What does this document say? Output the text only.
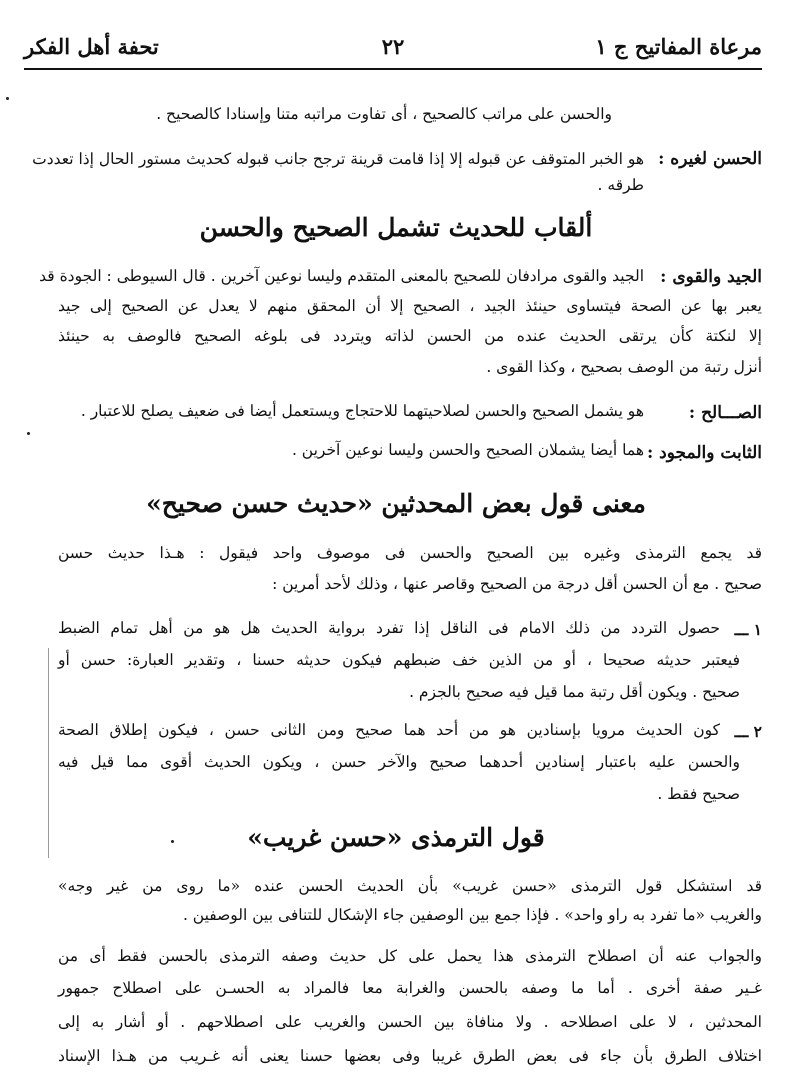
مرعاة المفاتيح ج ١
٢٢
تحفة أهل الفكر
والحسن على مراتب كالصحيح ، أى تفاوت مراتبه متنا وإسنادا كالصحيح .
الحسن لغيره :
هو الخبر المتوقف عن قبوله إلا إذا قامت قرينة ترجح جانب قبوله كحديث مستور الحال إذا تعددت
طرقه .
ألقاب للحديث تشمل الصحيح والحسن
الجيد والقوى :
الجيد والقوى مرادفان للصحيح بالمعنى المتقدم وليسا نوعين آخرين . قال السيوطى : الجودة قد
يعبر بها عن الصحة فيتساوى حينئذ الجيد ، الصحيح إلا أن المحقق منهم لا يعدل عن الصحيح إلى جيد
إلا لنكتة كأن يرتقى الحديث عنده من الحسن لذاته ويتردد فى بلوغه الصحيح فالوصف به حينئذ
أنزل رتبة من الوصف بصحيح ، وكذا القوى .
الصـــالح :
هو يشمل الصحيح والحسن لصلاحيتهما للاحتجاج ويستعمل أيضا فى ضعيف يصلح للاعتبار .
الثابت والمجود :
هما أيضا يشملان الصحيح والحسن وليسا نوعين آخرين .
معنى قول بعض المحدثين «حديث حسن صحيح»
قد يجمع الترمذى وغيره بين الصحيح والحسن فى موصوف واحد فيقول : هـذا حديث حسن
صحيح . مع أن الحسن أقل درجة من الصحيح وقاصر عنها ، وذلك لأحد أمرين :
١ ـــ
حصول التردد من ذلك الامام فى الناقل إذا تفرد برواية الحديث هل هو من أهل تمام الضبط
فيعتبر حديثه صحيحا ، أو من الذين خف ضبطهم فيكون حديثه حسنا ، وتقدير العبارة: حسن أو
صحيح . ويكون أقل رتبة مما قيل فيه صحيح بالجزم .
٢ ـــ
كون الحديث مرويا بإسنادين هو من أحد هما صحيح ومن الثانى حسن ، فيكون إطلاق الصحة
والحسن عليه باعتبار إسنادين أحدهما صحيح والآخر حسن ، ويكون الحديث أقوى مما قيل فيه
صحيح فقط .
قول الترمذى «حسن غريب»
قد استشكل قول الترمذى «حسن غريب» بأن الحديث الحسن عنده «ما روى من غير وجه»
والغريب «ما تفرد به راو واحد» . فإذا جمع بين الوصفين جاء الإشكال للتنافى بين الوصفين .
والجواب عنه أن اصطلاح الترمذى هذا يحمل على كل حديث وصفه الترمذى بالحسن فقط أى من
غـير صفة أخرى . أما ما وصفه بالحسن والغرابة معا فالمراد به الحسـن على اصطلاح جمهور
المحدثين ، لا على اصطلاحه . ولا منافاة بين الحسن والغريب على اصطلاحهم . أو أشار به إلى
اختلاف الطرق بأن جاء فى بعض الطرق غريبا وفى بعضها حسنا يعنى أنه غـريب من هـذا الإسناد
